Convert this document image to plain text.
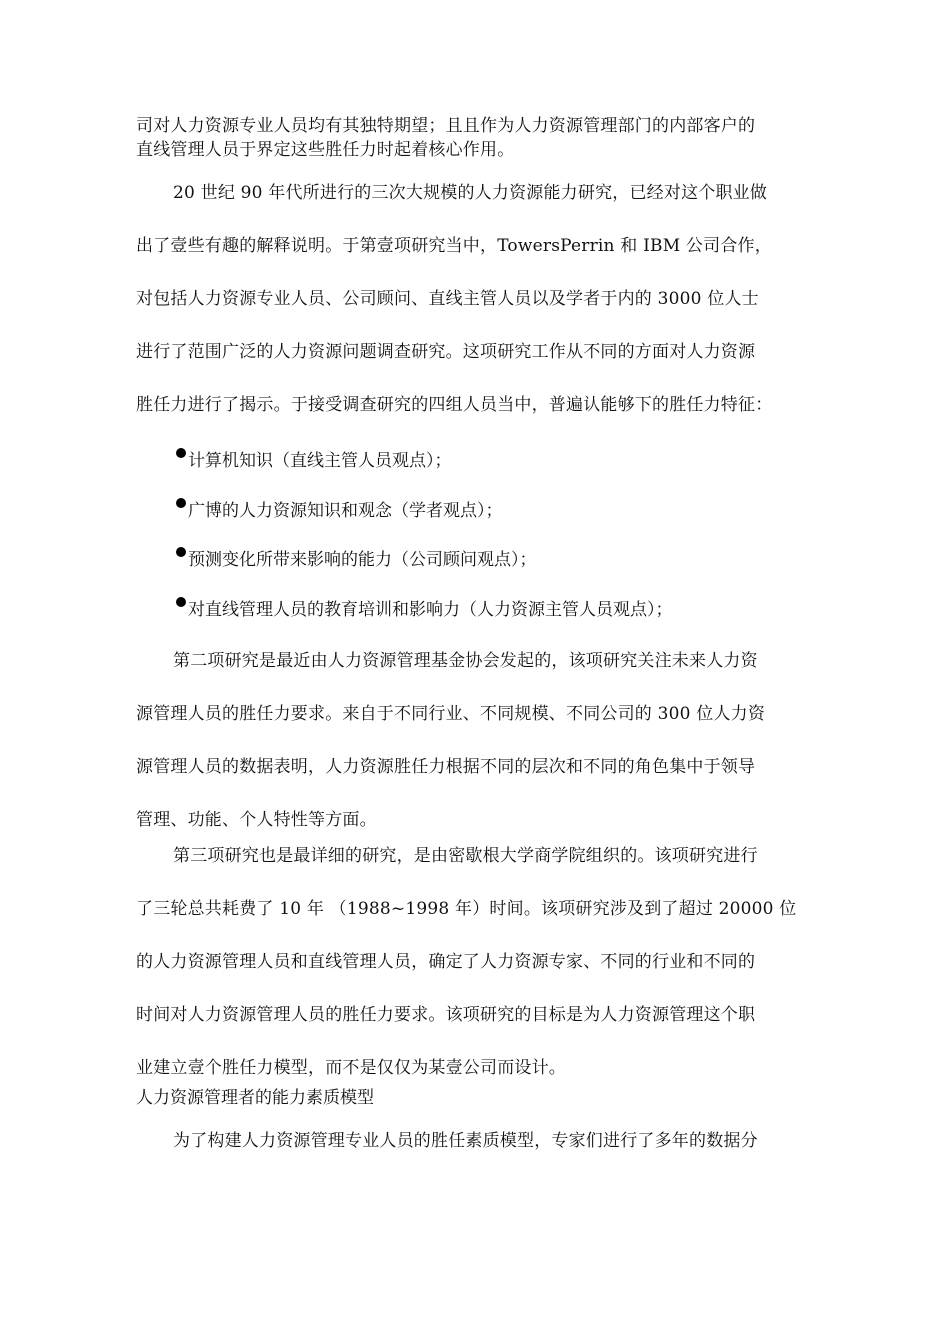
司对人力资源专业人员均有其独特期望；且且作为人力资源管理部门的内部客户的
直线管理人员于界定这些胜任力时起着核心作用。
20 世纪 90 年代所进行的三次大规模的人力资源能力研究，已经对这个职业做
出了壹些有趣的解释说明。于第壹项研究当中，TowersPerrin 和 IBM 公司合作，
对包括人力资源专业人员、公司顾问、直线主管人员以及学者于内的 3000 位人士
进行了范围广泛的人力资源问题调查研究。这项研究工作从不同的方面对人力资源
胜任力进行了揭示。于接受调查研究的四组人员当中，普遍认能够下的胜任力特征：
计算机知识（直线主管人员观点）；
广博的人力资源知识和观念（学者观点）；
预测变化所带来影响的能力（公司顾问观点）；
对直线管理人员的教育培训和影响力（人力资源主管人员观点）；
第二项研究是最近由人力资源管理基金协会发起的，该项研究关注未来人力资
源管理人员的胜任力要求。来自于不同行业、不同规模、不同公司的 300 位人力资
源管理人员的数据表明，人力资源胜任力根据不同的层次和不同的角色集中于领导
管理、功能、个人特性等方面。
第三项研究也是最详细的研究，是由密歇根大学商学院组织的。该项研究进行
了三轮总共耗费了 10 年 （1988~1998 年）时间。该项研究涉及到了超过 20000 位
的人力资源管理人员和直线管理人员，确定了人力资源专家、不同的行业和不同的
时间对人力资源管理人员的胜任力要求。该项研究的目标是为人力资源管理这个职
业建立壹个胜任力模型，而不是仅仅为某壹公司而设计。
人力资源管理者的能力素质模型
为了构建人力资源管理专业人员的胜任素质模型，专家们进行了多年的数据分
